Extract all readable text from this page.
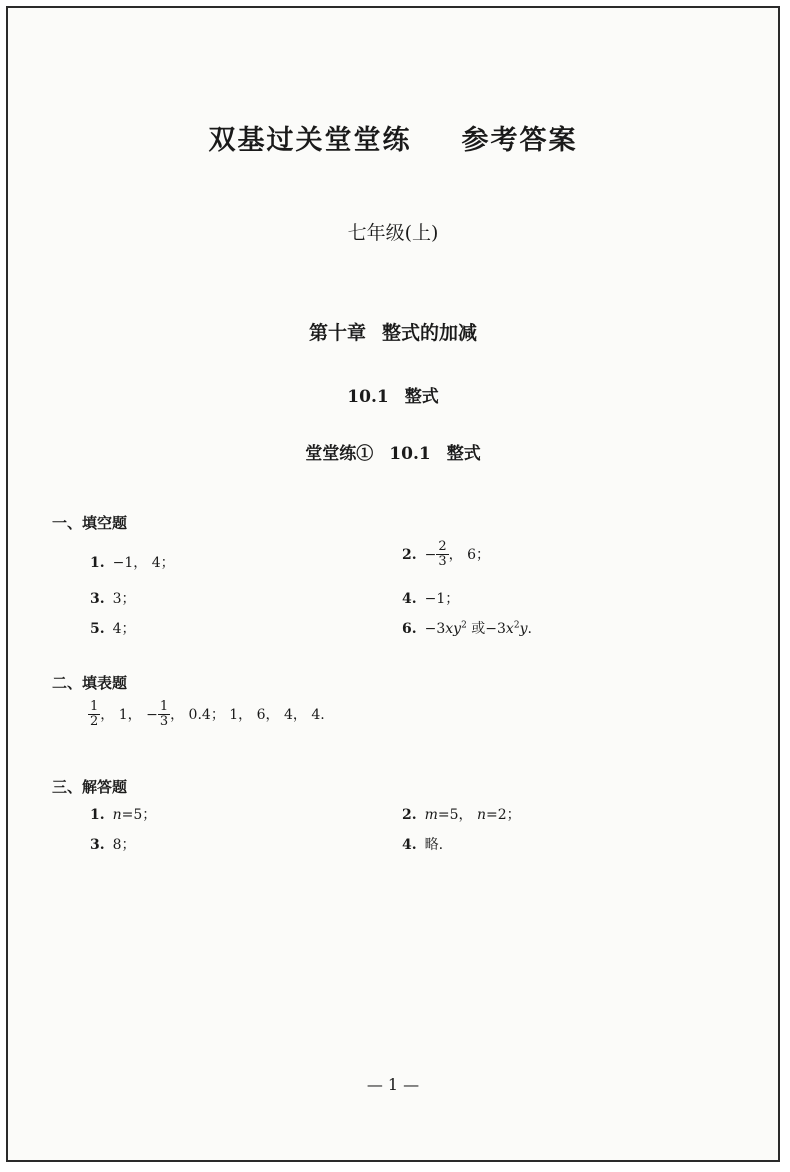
双基过关堂堂练 参考答案
七年级(上)
第十章 整式的加减
10.1 整式
堂堂练① 10.1 整式
一、填空题
1. −1， 4；
2. − $\frac{2}{3}$ ， 6；
3. 3；	4. −1；
5. 4；	6. $-3xy^2$ 或$-3x^2y$.
二、填表题
$\frac{1}{2}$ ， 1， − $\frac{1}{3}$ ， 0.4； 1， 6， 4， 4.
三、解答题
1. n=5；	2. m=5， n=2；
3. 8；	4. 略.
— 1 —
